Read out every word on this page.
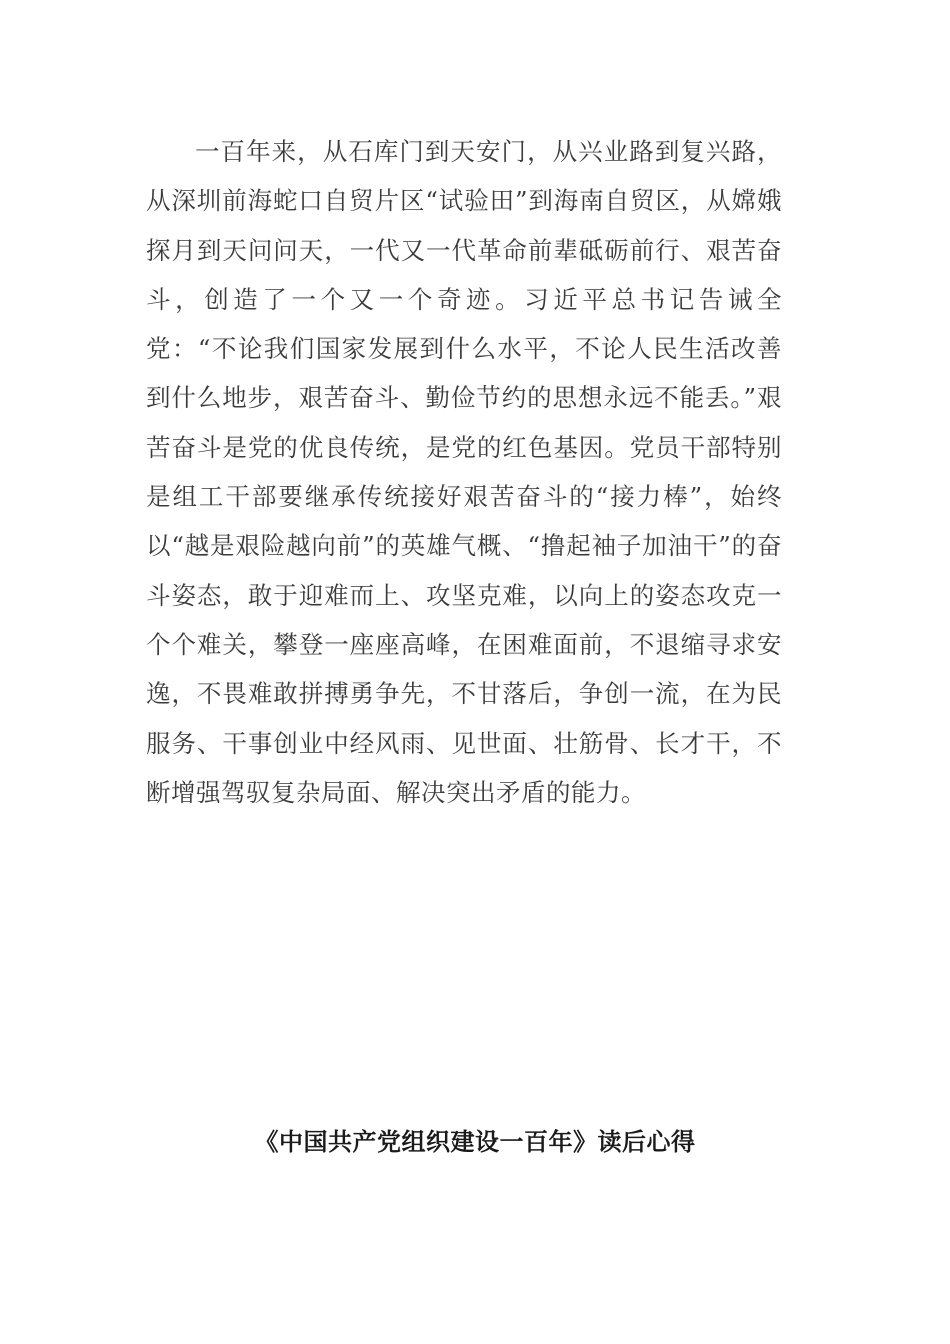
一百年来，从石库门到天安门，从兴业路到复兴路，从深圳前海蛇口自贸片区“试验田”到海南自贸区，从嫦娥探月到天问问天，一代又一代革命前辈砥砺前行、艰苦奋斗，创造了一个又一个奇迹。习近平总书记告诫全党：“不论我们国家发展到什么水平，不论人民生活改善到什么地步，艰苦奋斗、勤俭节约的思想永远不能丢。”艰苦奋斗是党的优良传统，是党的红色基因。党员干部特别是组工干部要继承传统接好艰苦奋斗的“接力棒”，始终以“越是艰险越向前”的英雄气概、“撸起袖子加油干”的奋斗姿态，敢于迎难而上、攻坚克难，以向上的姿态攻克一个个难关，攀登一座座高峰，在困难面前，不退缩寻求安逸，不畏难敢拼搏勇争先，不甘落后，争创一流，在为民服务、干事创业中经风雨、见世面、壮筋骨、长才干，不断增强驾驭复杂局面、解决突出矛盾的能力。

《中国共产党组织建设一百年》读后心得
